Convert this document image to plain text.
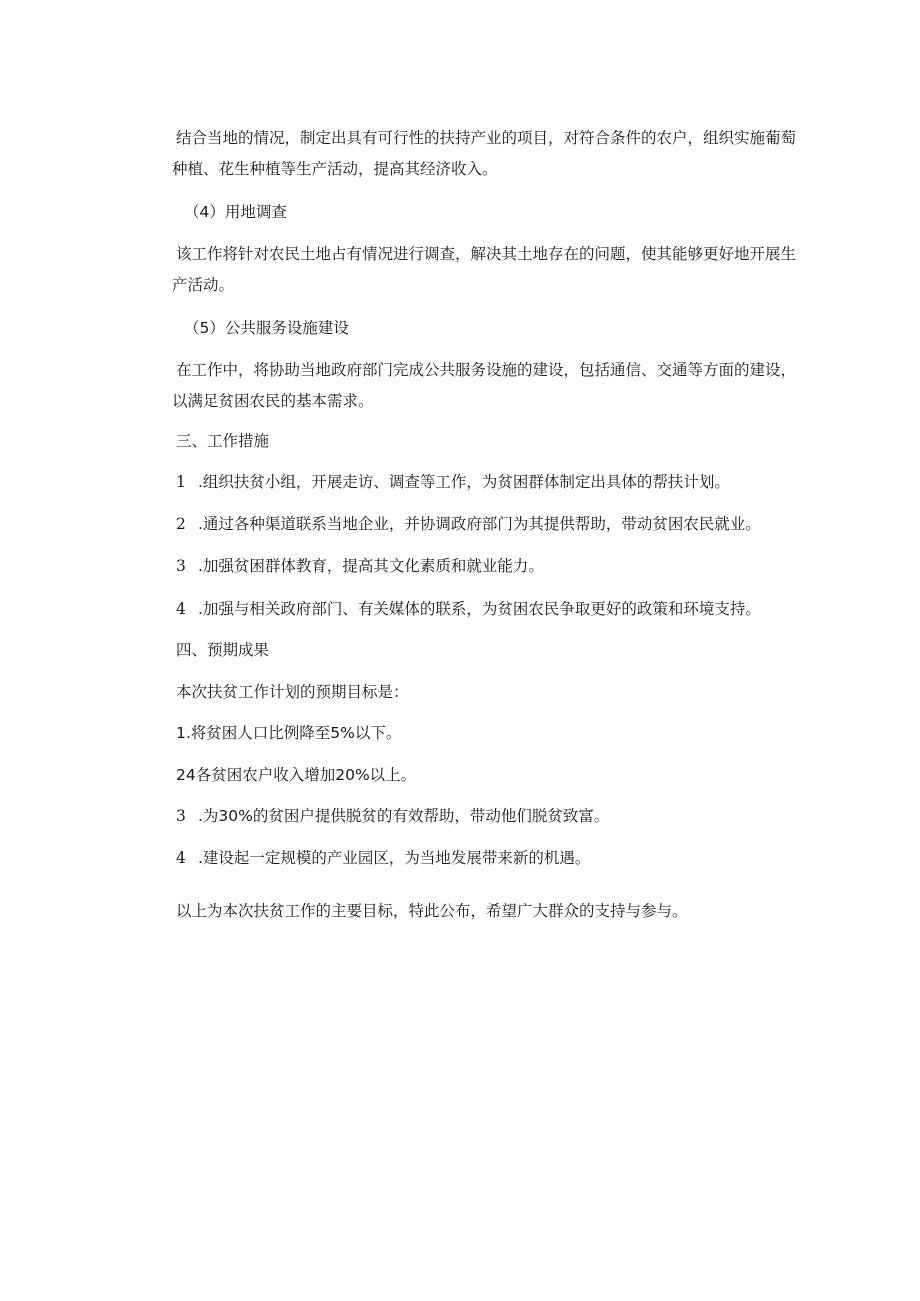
结合当地的情况，制定出具有可行性的扶持产业的项目，对符合条件的农户，组织实施葡萄
种植、花生种植等生产活动，提高其经济收入。
（4）用地调查
该工作将针对农民土地占有情况进行调查，解决其土地存在的问题，使其能够更好地开展生
产活动。
（5）公共服务设施建设
在工作中，将协助当地政府部门完成公共服务设施的建设，包括通信、交通等方面的建设，
以满足贫困农民的基本需求。
三、工作措施
1 .组织扶贫小组，开展走访、调查等工作，为贫困群体制定出具体的帮扶计划。
2 .通过各种渠道联系当地企业，并协调政府部门为其提供帮助，带动贫困农民就业。
3 .加强贫困群体教育，提高其文化素质和就业能力。
4 .加强与相关政府部门、有关媒体的联系，为贫困农民争取更好的政策和环境支持。
四、预期成果
本次扶贫工作计划的预期目标是：
1.将贫困人口比例降至5%以下。
24各贫困农户收入增加20%以上。
3 .为30%的贫困户提供脱贫的有效帮助，带动他们脱贫致富。
4 .建设起一定规模的产业园区，为当地发展带来新的机遇。
以上为本次扶贫工作的主要目标，特此公布，希望广大群众的支持与参与。
